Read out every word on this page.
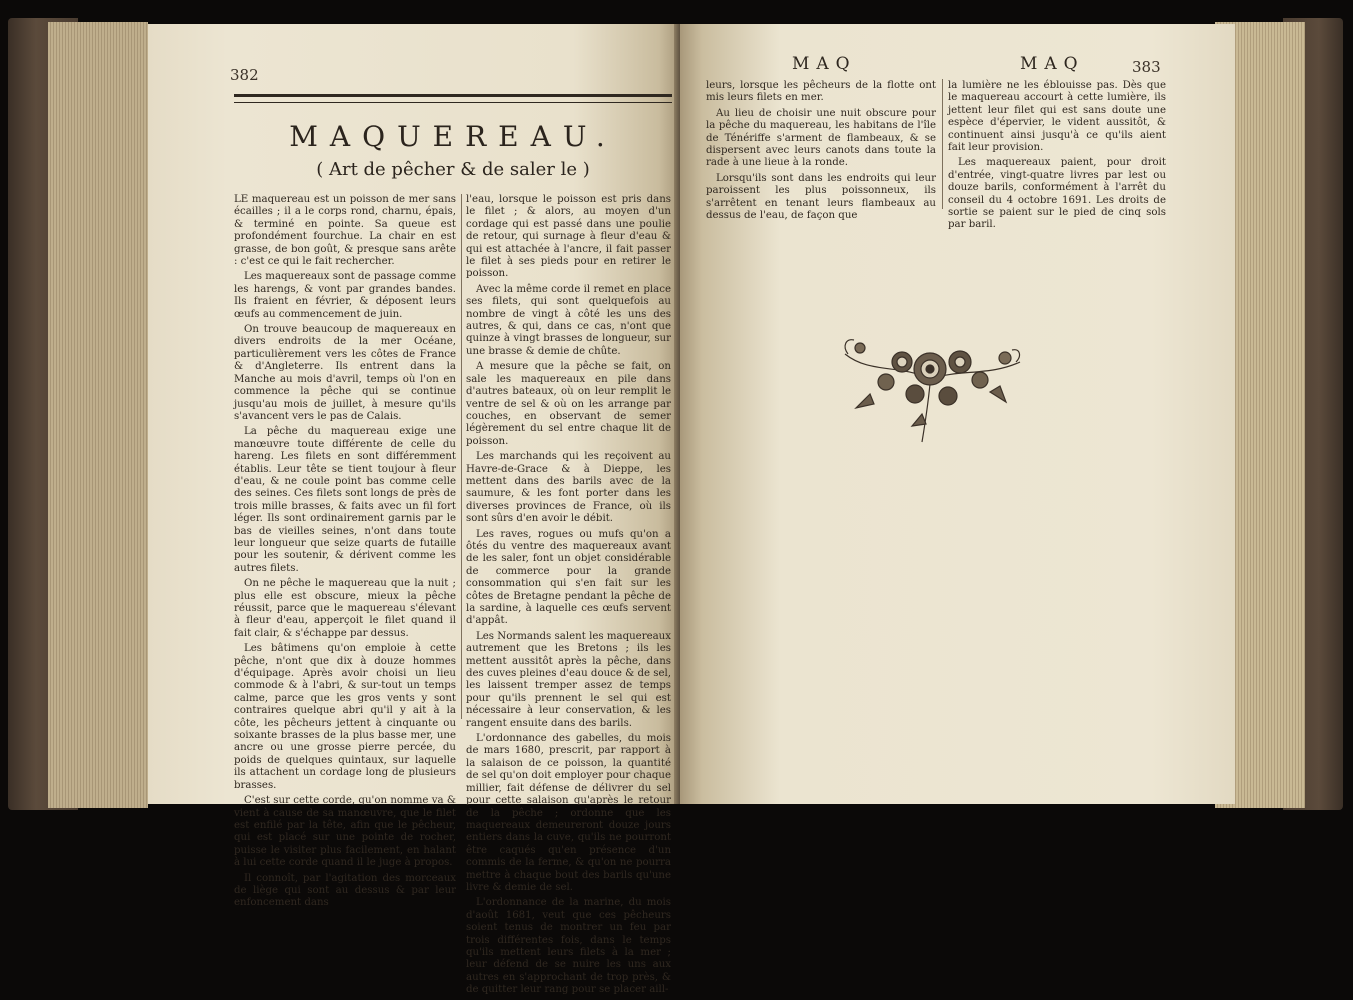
382
MAQUEREAU.
( Art de pêcher & de saler le )

LE maquereau est un poisson de mer sans écailles ; il a le corps rond, charnu, épais, & terminé en pointe. Sa queue est profondément fourchue. La chair en est grasse, de bon goût, & presque sans arête : c'est ce qui le fait rechercher.

Les maquereaux sont de passage comme les harengs, & vont par grandes bandes. Ils fraient en février, & déposent leurs œufs au commencement de juin.

On trouve beaucoup de maquereaux en divers endroits de la mer Océane, particulièrement vers les côtes de France & d'Angleterre. Ils entrent dans la Manche au mois d'avril, temps où l'on en commence la pêche qui se continue jusqu'au mois de juillet, à mesure qu'ils s'avancent vers le pas de Calais.

La pêche du maquereau exige une manœuvre toute différente de celle du hareng. Les filets en sont différemment établis. Leur tête se tient toujour à fleur d'eau, & ne coule point bas comme celle des seines. Ces filets sont longs de près de trois mille brasses, & faits avec un fil fort léger. Ils sont ordinairement garnis par le bas de vieilles seines, n'ont dans toute leur longueur que seize quarts de futaille pour les soutenir, & dérivent comme les autres filets.

On ne pêche le maquereau que la nuit ; plus elle est obscure, mieux la pêche réussit, parce que le maquereau s'élevant à fleur d'eau, apperçoit le filet quand il fait clair, & s'échappe par dessus.

Les bâtimens qu'on emploie à cette pêche, n'ont que dix à douze hommes d'équipage. Après avoir choisi un lieu commode & à l'abri, & sur-tout un temps calme, parce que les gros vents y sont contraires quelque abri qu'il y ait à la côte, les pêcheurs jettent à cinquante ou soixante brasses de la plus basse mer, une ancre ou une grosse pierre percée, du poids de quelques quintaux, sur laquelle ils attachent un cordage long de plusieurs brasses.

C'est sur cette corde, qu'on nomme va & vient à cause de sa manœuvre, que le filet est enfilé par la tête, afin que le pêcheur, qui est placé sur une pointe de rocher, puisse le visiter plus facilement, en halant à lui cette corde quand il le juge à propos.

Il connoît, par l'agitation des morceaux de liège qui sont au dessus & par leur enfoncement dans

l'eau, lorsque le poisson est pris dans le filet ; & alors, au moyen d'un cordage qui est passé dans une poulie de retour, qui surnage à fleur d'eau & qui est attachée à l'ancre, il fait passer le filet à ses pieds pour en retirer le poisson.

Avec la même corde il remet en place ses filets, qui sont quelquefois au nombre de vingt à côté les uns des autres, & qui, dans ce cas, n'ont que quinze à vingt brasses de longueur, sur une brasse & demie de chûte.

A mesure que la pêche se fait, on sale les maquereaux en pile dans d'autres bateaux, où on leur remplit le ventre de sel & où on les arrange par couches, en observant de semer légèrement du sel entre chaque lit de poisson.

Les marchands qui les reçoivent au Havre-de-Grace & à Dieppe, les mettent dans des barils avec de la saumure, & les font porter dans les diverses provinces de France, où ils sont sûrs d'en avoir le débit.

Les raves, rogues ou mufs qu'on a ôtés du ventre des maquereaux avant de les saler, font un objet considérable de commerce pour la grande consommation qui s'en fait sur les côtes de Bretagne pendant la pêche de la sardine, à laquelle ces œufs servent d'appât.

Les Normands salent les maquereaux autrement que les Bretons ; ils les mettent aussitôt après la pêche, dans des cuves pleines d'eau douce & de sel, les laissent tremper assez de temps pour qu'ils prennent le sel qui est nécessaire à leur conservation, & les rangent ensuite dans des barils.

L'ordonnance des gabelles, du mois de mars 1680, prescrit, par rapport à la salaison de ce poisson, la quantité de sel qu'on doit employer pour chaque millier, fait défense de délivrer du sel pour cette salaison qu'après le retour de la pêche ; ordonne que les maquereaux demeureront douze jours entiers dans la cuve, qu'ils ne pourront être caqués qu'en présence d'un commis de la ferme, & qu'on ne pourra mettre à chaque bout des barils qu'une livre & demie de sel.

L'ordonnance de la marine, du mois d'août 1681, veut que ces pêcheurs soient tenus de montrer un feu par trois différentes fois, dans le temps qu'ils mettent leurs filets à la mer ; leur défend de se nuire les uns aux autres en s'approchant de trop près, & de quitter leur rang pour se placer aill-

MAQ	MAQ	383

leurs, lorsque les pêcheurs de la flotte ont mis leurs filets en mer.

Au lieu de choisir une nuit obscure pour la pêche du maquereau, les habitans de l'île de Ténériffe s'arment de flambeaux, & se dispersent avec leurs canots dans toute la rade à une lieue à la ronde.

Lorsqu'ils sont dans les endroits qui leur paroissent les plus poissonneux, ils s'arrêtent en tenant leurs flambeaux au dessus de l'eau, de façon que

la lumière ne les éblouisse pas. Dès que le maquereau accourt à cette lumière, ils jettent leur filet qui est sans doute une espèce d'épervier, le vident aussitôt, & continuent ainsi jusqu'à ce qu'ils aient fait leur provision.

Les maquereaux paient, pour droit d'entrée, vingt-quatre livres par lest ou douze barils, conformément à l'arrêt du conseil du 4 octobre 1691. Les droits de sortie se paient sur le pied de cinq sols par baril.
